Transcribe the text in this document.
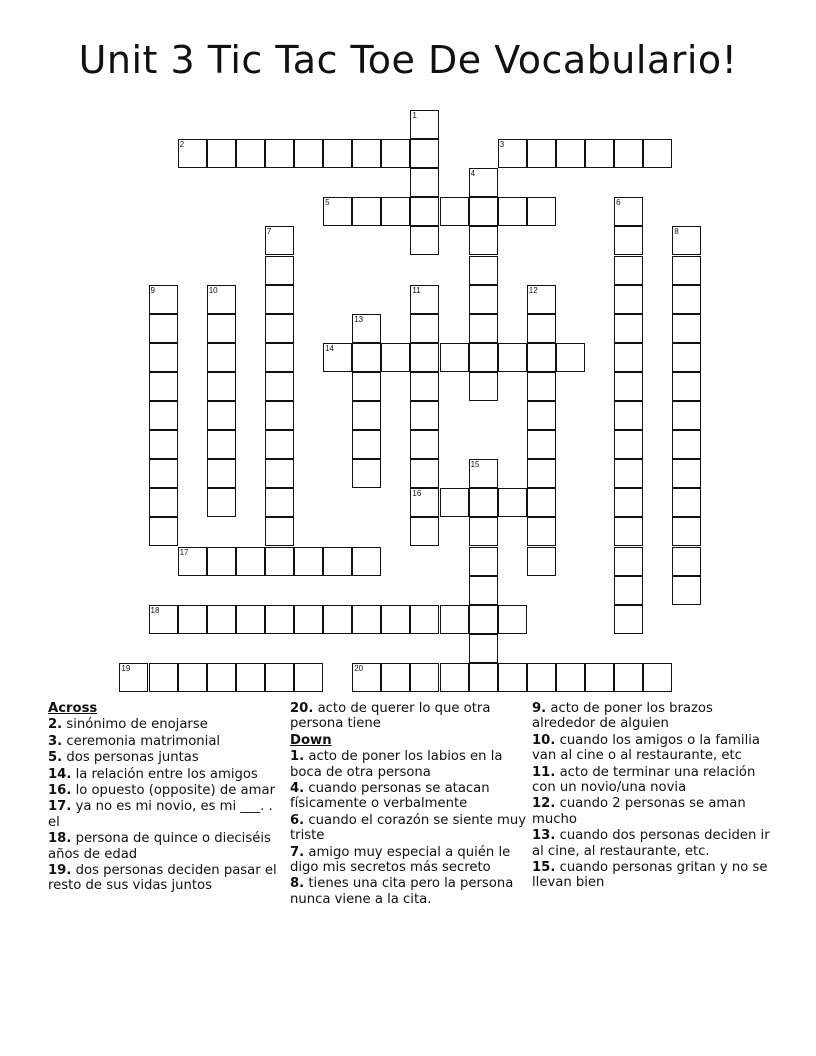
Unit 3 Tic Tac Toe De Vocabulario!
1
2	3
4
5	6
7	8
9	10	11
16
12
13
14
15
17
18
19	20
Across
2. sinónimo de enojarse
3. ceremonia matrimonial
5. dos personas juntas
14. la relación entre los amigos
16. lo opuesto (opposite) de amar
17. ya no es mi novio, es mi ___. . el
18. persona de quince o dieciséis años de edad
19. dos personas deciden pasar el resto de sus vidas juntos
20. acto de querer lo que otra persona tiene
Down
1. acto de poner los labios en la boca de otra persona
4. cuando personas se atacan físicamente o verbalmente
6. cuando el corazón se siente muy triste
7. amigo muy especial a quién le digo mis secretos más secreto
8. tienes una cita pero la persona nunca viene a la cita.
9. acto de poner los brazos alrededor de alguien
10. cuando los amigos o la familia van al cine o al restaurante, etc
11. acto de terminar una relación con un novio/una novia
12. cuando 2 personas se aman mucho
13. cuando dos personas deciden ir al cine, al restaurante, etc.
15. cuando personas gritan y no se llevan bien
